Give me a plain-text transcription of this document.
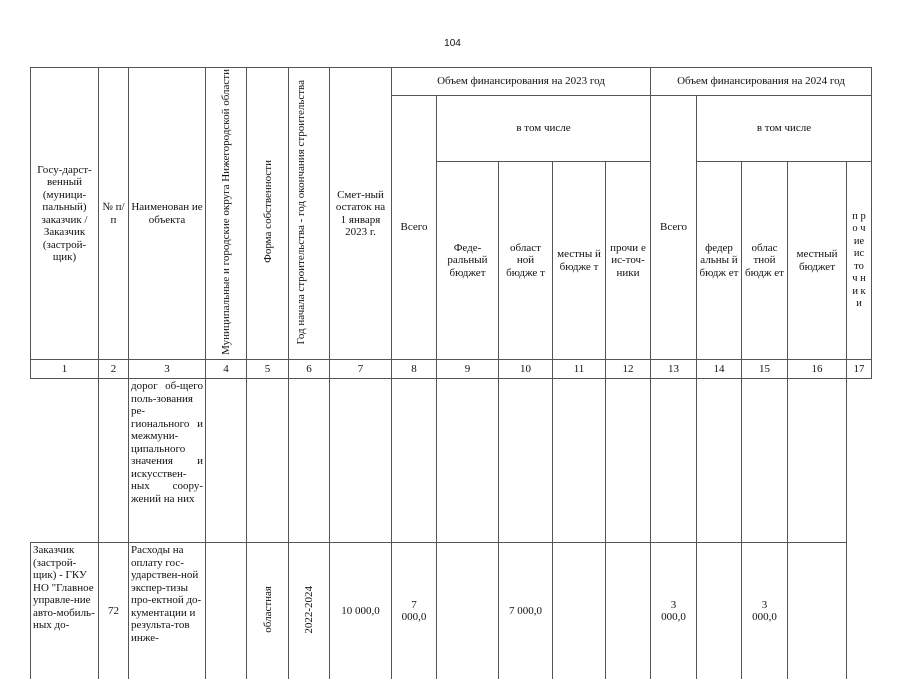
104
Госу-дарст-венный (муници-пальный) заказчик / Заказчик (застрой-щик)	№ п/п	Наименован ие объекта	Муниципальные и городские округа Нижегородской области	Форма собственности	Год начала строительства - год окончания строительства	Смет-ный остаток на 1 января 2023 г.	Объем финансирования на 2023 год					Объем финансирования на 2024 год				
							Всего	в том числе				Всего	в том числе			
								Феде-ральный бюджет	област ной бюдже т	местны й бюдже т	прочи е ис-точ-ники		федер альны й бюдж ет	облас тной бюдж ет	местный бюджет	п ро ч ие ис то ч н и к и

1	2	3	4	5	6	7	8	9	10	11	12	13	14	15	16	17
		дорог об-щего поль-зования ре-гионального и межмуни-ципального значения и искусствен-ных соору-жений на них														
Заказчик (застрой-щик) - ГКУ НО "Главное управле-ние авто-мобиль-ных до-	72	Расходы на оплату гос-ударствен-ной экспер-тизы про-ектной до-кументации и результа-тов инже-		областная	2022-2024	10 000,0	7 000,0		7 000,0			3 000,0		3 000,0		
